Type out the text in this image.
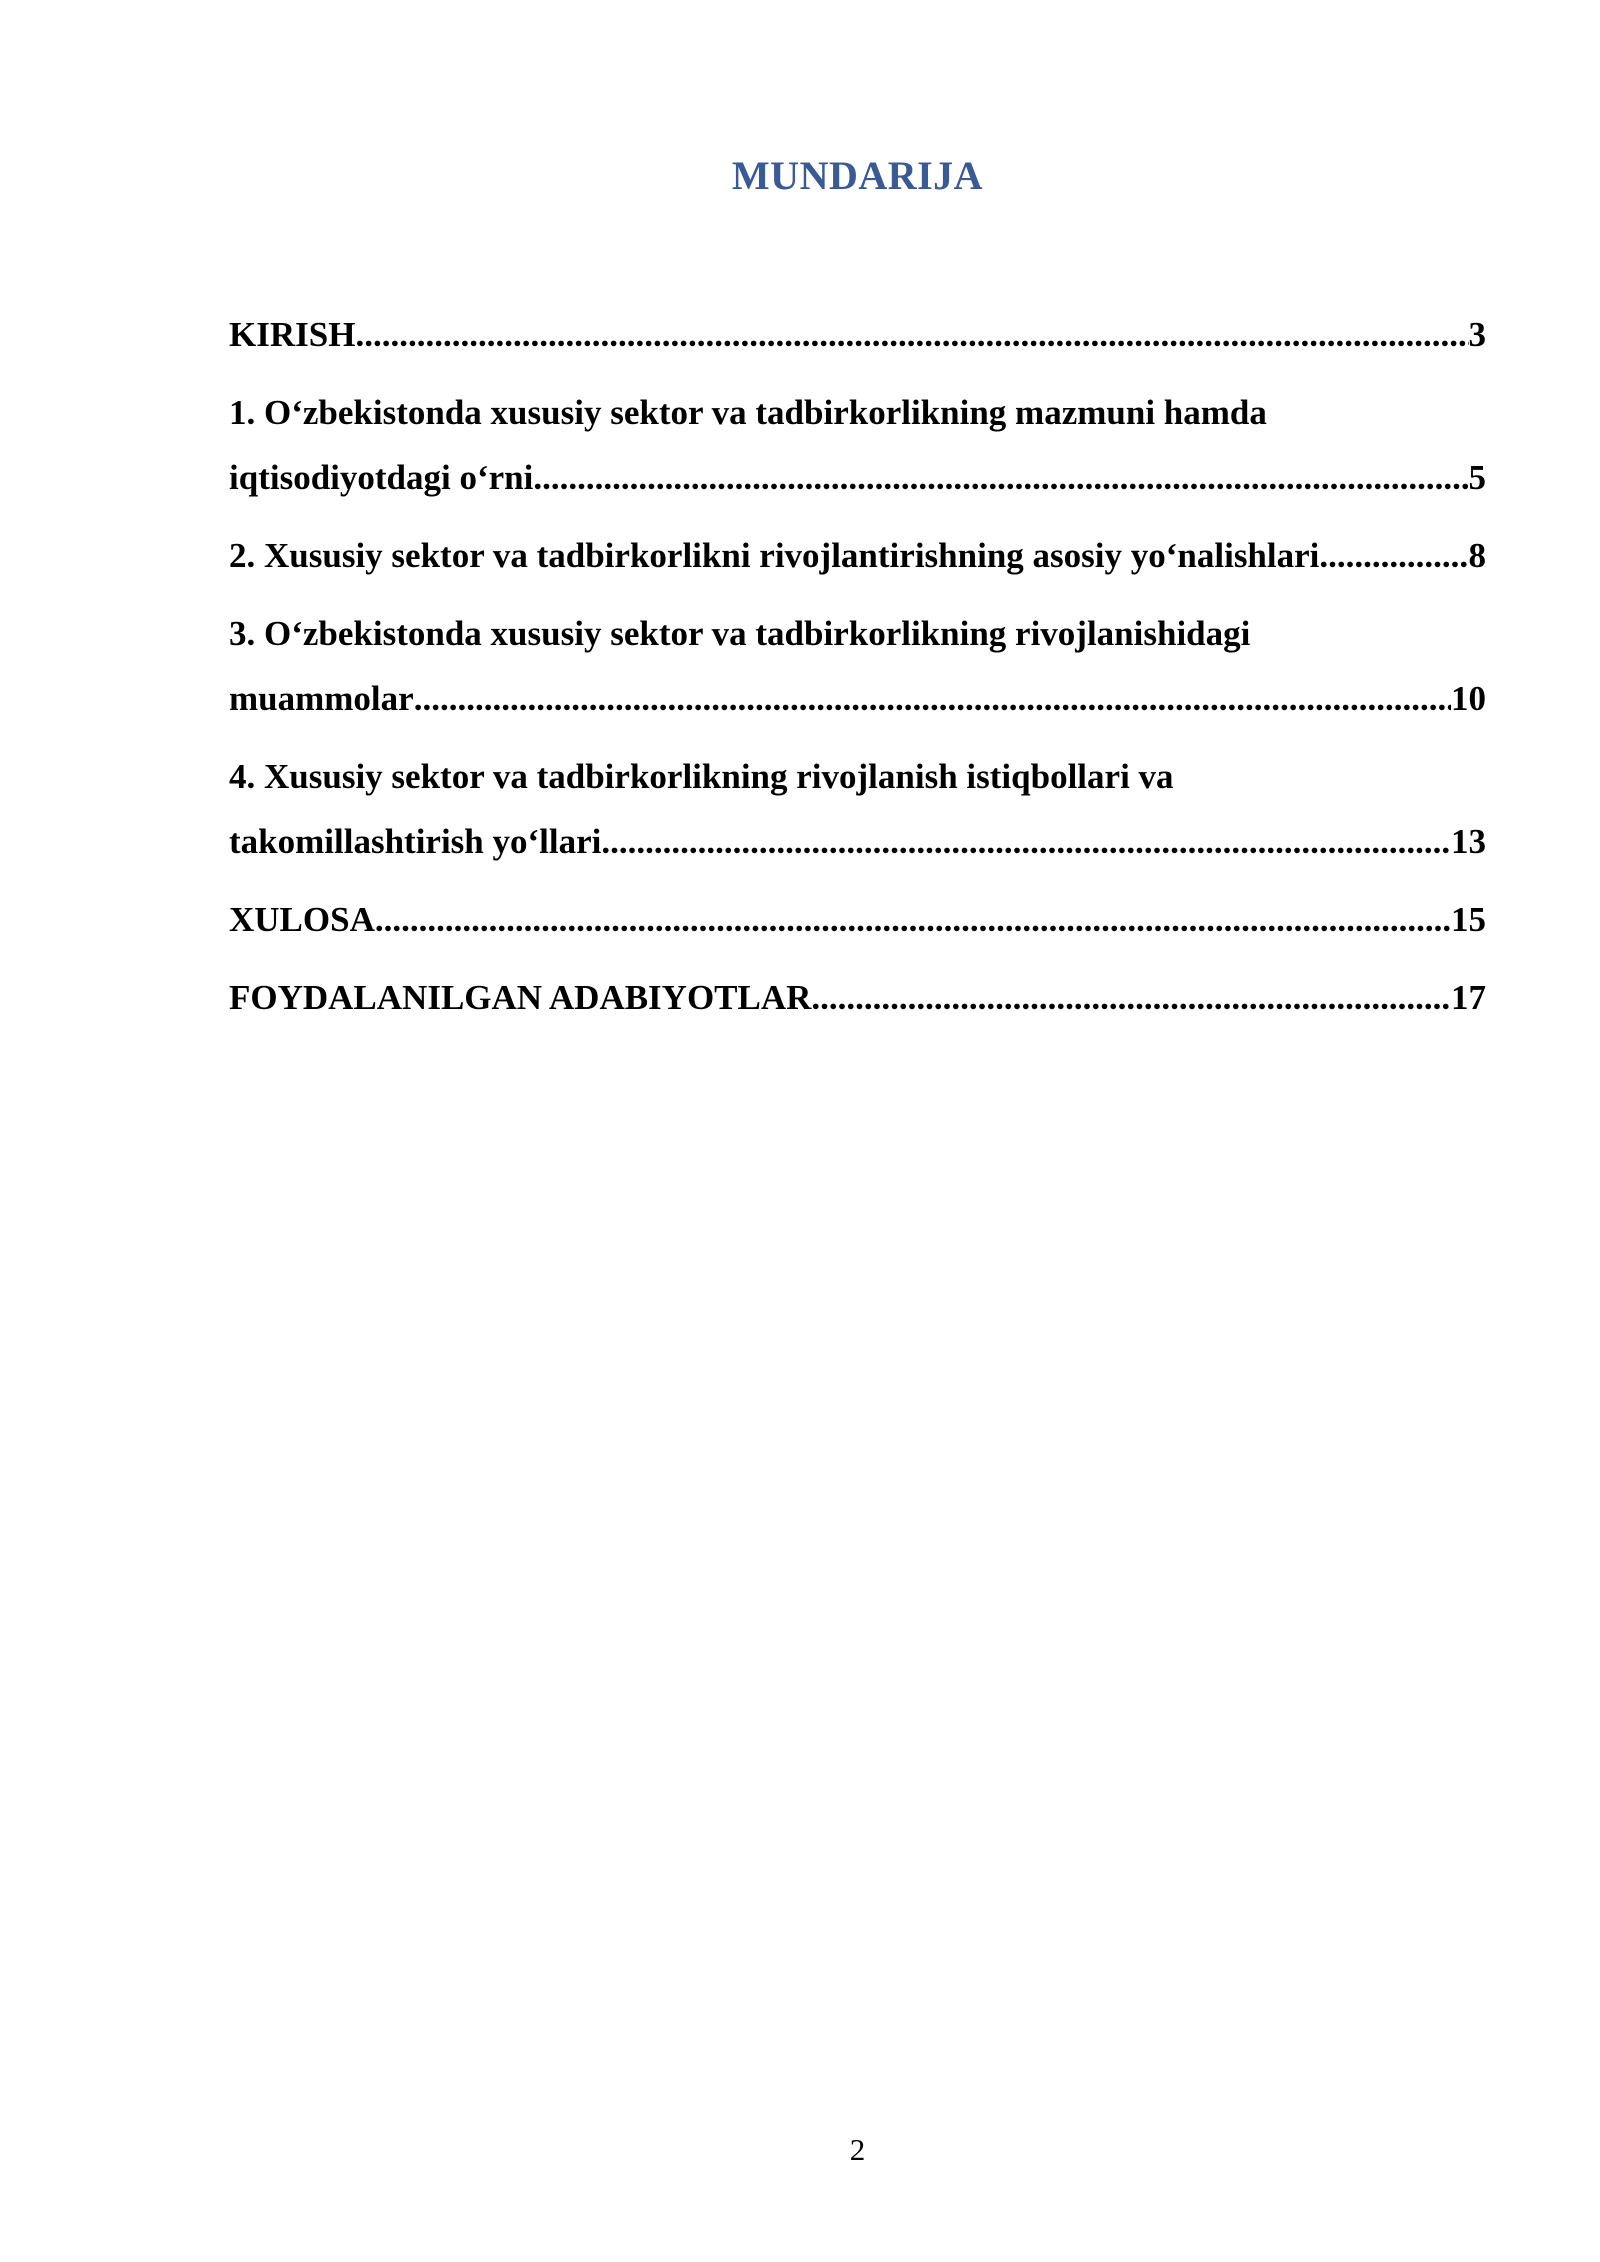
MUNDARIJA
KIRISH .....	3
1. O‘zbekistonda xususiy sektor va tadbirkorlikning mazmuni hamda
iqtisodiyotdagi o‘rni .....	5
2. Xususiy sektor va tadbirkorlikni rivojlantirishning asosiy yo‘nalishlari .....	8
3. O‘zbekistonda xususiy sektor va tadbirkorlikning rivojlanishidagi
muammolar .....	10
4. Xususiy sektor va tadbirkorlikning rivojlanish istiqbollari va
takomillashtirish yo‘llari .....	13
XULOSA .....	15
FOYDALANILGAN ADABIYOTLAR .....	17
2
